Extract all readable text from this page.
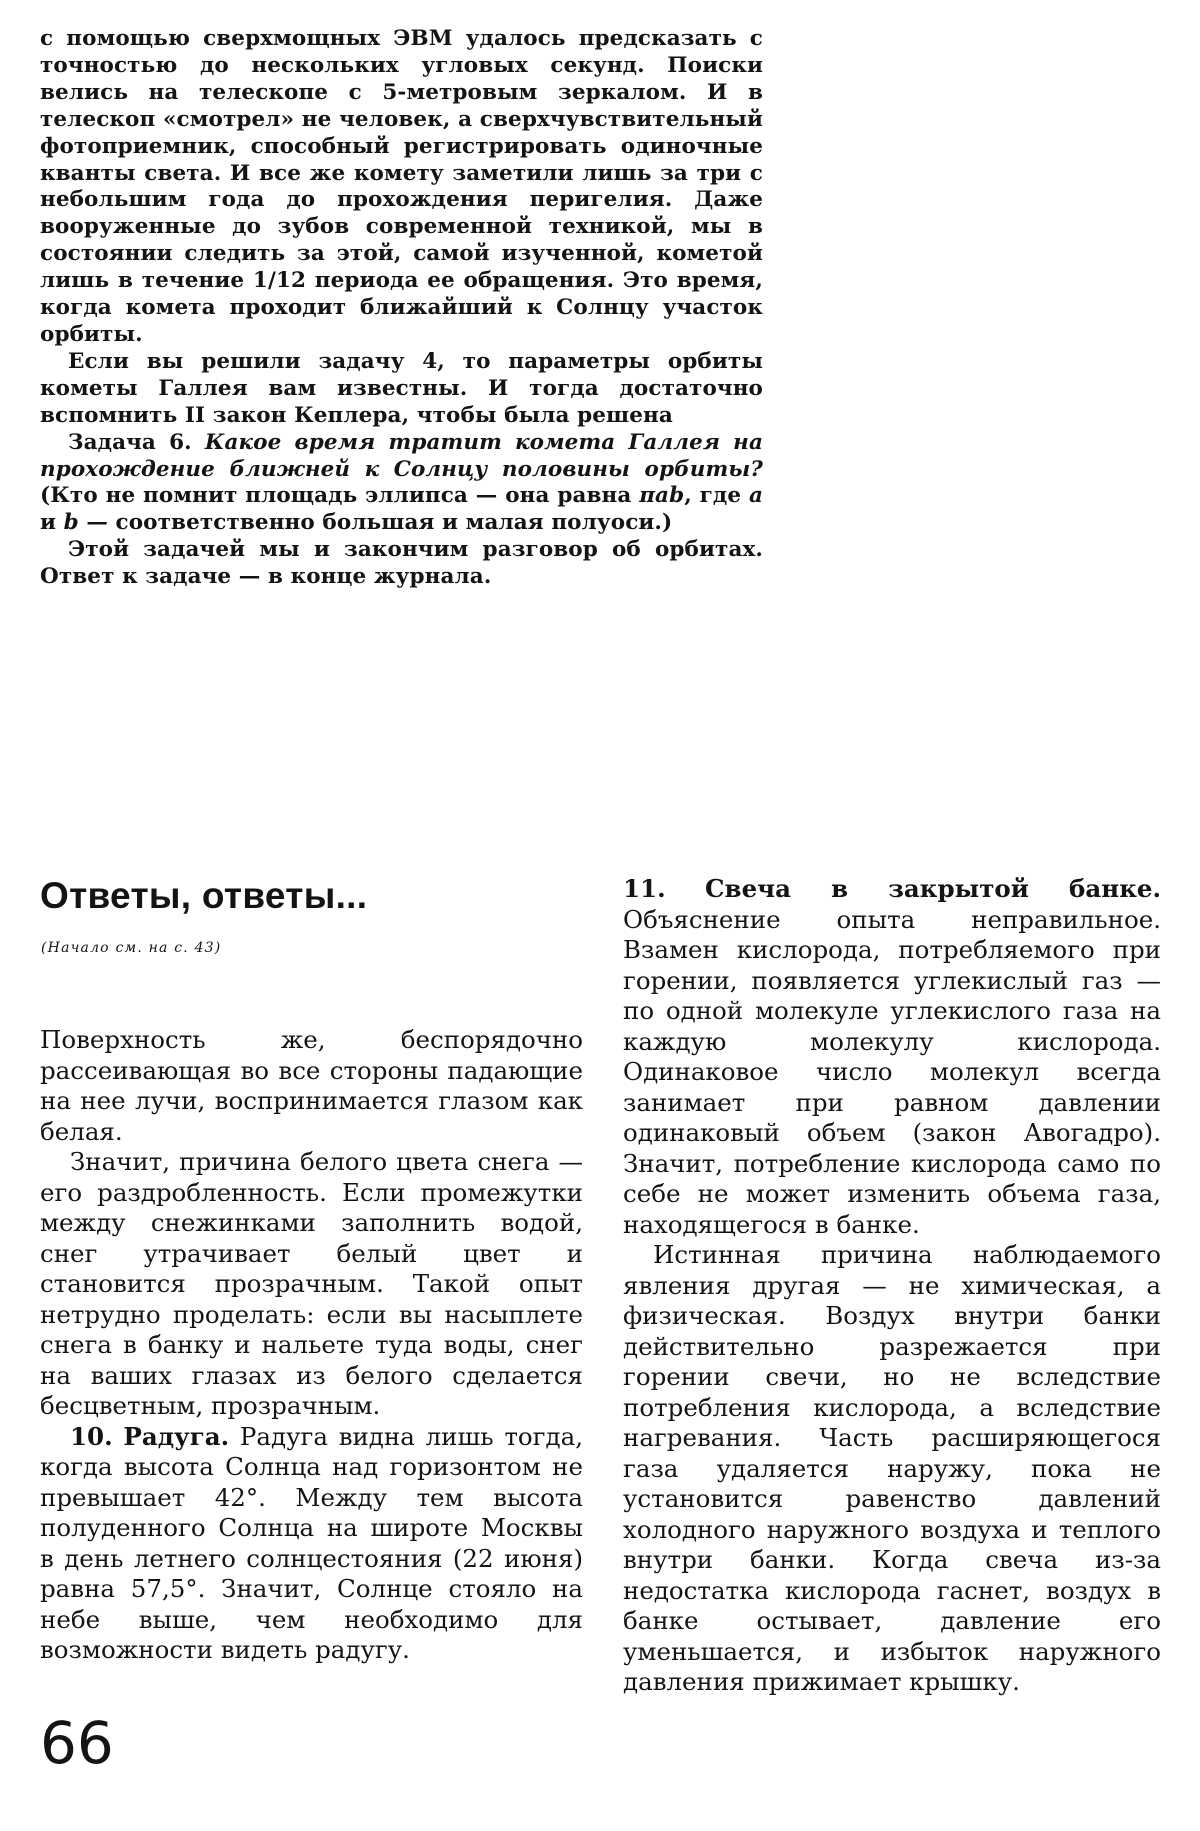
с помощью сверхмощных ЭВМ удалось предсказать с точностью до нескольких угловых секунд. Поиски велись на телескопе с 5-метровым зеркалом. И в телескоп «смотрел» не человек, а сверхчувствительный фотоприемник, способный регистрировать одиночные кванты света. И все же комету заметили лишь за три с небольшим года до прохождения перигелия. Даже вооруженные до зубов современной техникой, мы в состоянии следить за этой, самой изученной, кометой лишь в течение 1/12 периода ее обращения. Это время, когда комета проходит ближайший к Солнцу участок орбиты.

Если вы решили задачу 4, то параметры орбиты кометы Галлея вам известны. И тогда достаточно вспомнить II закон Кеплера, чтобы была решена

Задача 6. Какое время тратит комета Галлея на прохождение ближней к Солнцу половины орбиты? (Кто не помнит площадь эллипса — она равна πab, где a и b — соответственно большая и малая полуоси.)

Этой задачей мы и закончим разговор об орбитах. Ответ к задаче — в конце журнала.

Ответы, ответы...
(Начало см. на с. 43)

Поверхность же, беспорядочно рассеивающая во все стороны падающие на нее лучи, воспринимается глазом как белая.

Значит, причина белого цвета снега — его раздробленность. Если промежутки между снежинками заполнить водой, снег утрачивает белый цвет и становится прозрачным. Такой опыт нетрудно проделать: если вы насыплете снега в банку и нальете туда воды, снег на ваших глазах из белого сделается бесцветным, прозрачным.

10. Радуга. Радуга видна лишь тогда, когда высота Солнца над горизонтом не превышает 42°. Между тем высота полуденного Солнца на широте Москвы в день летнего солнцестояния (22 июня) равна 57,5°. Значит, Солнце стояло на небе выше, чем необходимо для возможности видеть радугу.

11. Свеча в закрытой банке. Объяснение опыта неправильное. Взамен кислорода, потребляемого при горении, появляется углекислый газ — по одной молекуле углекислого газа на каждую молекулу кислорода. Одинаковое число молекул всегда занимает при равном давлении одинаковый объем (закон Авогадро). Значит, потребление кислорода само по себе не может изменить объема газа, находящегося в банке.

Истинная причина наблюдаемого явления другая — не химическая, а физическая. Воздух внутри банки действительно разрежается при горении свечи, но не вследствие потребления кислорода, а вследствие нагревания. Часть расширяющегося газа удаляется наружу, пока не установится равенство давлений холодного наружного воздуха и теплого внутри банки. Когда свеча из-за недостатка кислорода гаснет, воздух в банке остывает, давление его уменьшается, и избыток наружного давления прижимает крышку.

66
